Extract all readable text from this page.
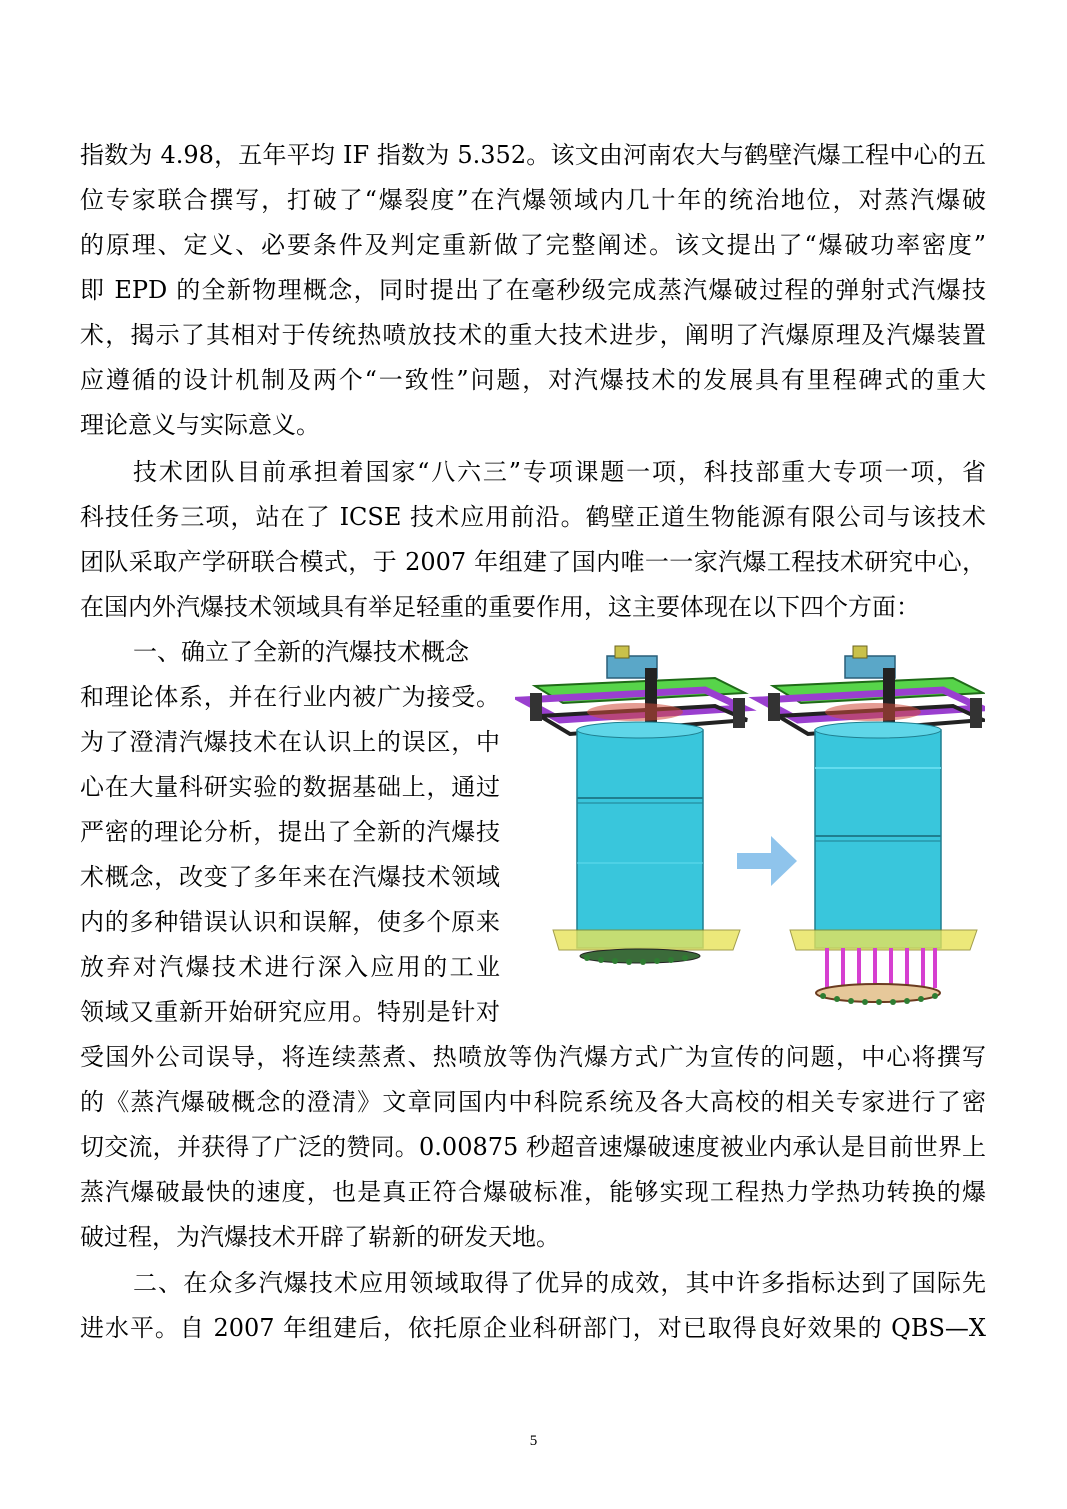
指数为 4.98，五年平均 IF 指数为 5.352。该文由河南农大与鹤壁汽爆工程中心的五
位专家联合撰写，打破了“爆裂度”在汽爆领域内几十年的统治地位，对蒸汽爆破
的原理、定义、必要条件及判定重新做了完整阐述。该文提出了“爆破功率密度”
即 EPD 的全新物理概念，同时提出了在毫秒级完成蒸汽爆破过程的弹射式汽爆技
术，揭示了其相对于传统热喷放技术的重大技术进步，阐明了汽爆原理及汽爆装置
应遵循的设计机制及两个“一致性”问题，对汽爆技术的发展具有里程碑式的重大
理论意义与实际意义。
技术团队目前承担着国家“八六三”专项课题一项，科技部重大专项一项，省
科技任务三项，站在了 ICSE 技术应用前沿。鹤壁正道生物能源有限公司与该技术
团队采取产学研联合模式，于 2007 年组建了国内唯一一家汽爆工程技术研究中心，
在国内外汽爆技术领域具有举足轻重的重要作用，这主要体现在以下四个方面：
一、确立了全新的汽爆技术概念
和理论体系，并在行业内被广为接受。
为了澄清汽爆技术在认识上的误区，中
心在大量科研实验的数据基础上，通过
严密的理论分析，提出了全新的汽爆技
术概念，改变了多年来在汽爆技术领域
内的多种错误认识和误解，使多个原来
放弃对汽爆技术进行深入应用的工业
领域又重新开始研究应用。特别是针对
受国外公司误导，将连续蒸煮、热喷放等伪汽爆方式广为宣传的问题，中心将撰写
的《蒸汽爆破概念的澄清》文章同国内中科院系统及各大高校的相关专家进行了密
切交流，并获得了广泛的赞同。0.00875 秒超音速爆破速度被业内承认是目前世界上
蒸汽爆破最快的速度，也是真正符合爆破标准，能够实现工程热力学热功转换的爆
破过程，为汽爆技术开辟了崭新的研发天地。
二、在众多汽爆技术应用领域取得了优异的成效，其中许多指标达到了国际先
进水平。自 2007 年组建后，依托原企业科研部门，对已取得良好效果的 QBS—X
5
